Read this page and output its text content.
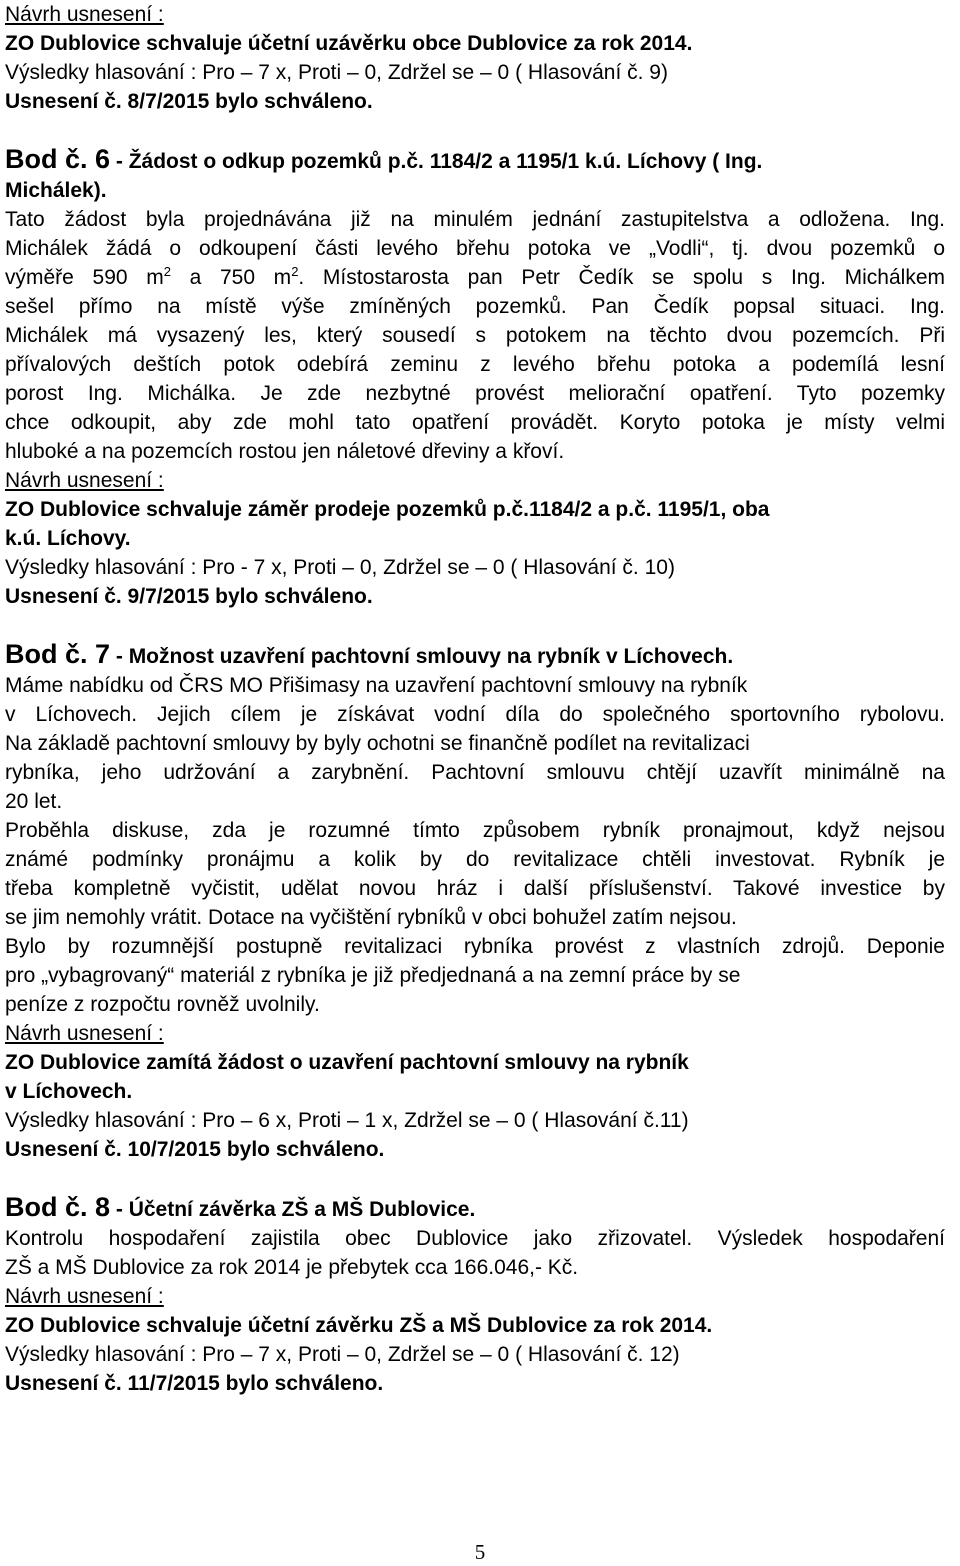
Návrh usnesení :
ZO Dublovice schvaluje účetní uzávěrku obce Dublovice za rok 2014.
Výsledky hlasování : Pro – 7 x, Proti – 0, Zdržel se – 0 ( Hlasování č. 9)
Usnesení č. 8/7/2015 bylo schváleno.
Bod č. 6 - Žádost o odkup pozemků p.č. 1184/2 a 1195/1 k.ú. Líchovy ( Ing.
Michálek).
Tato žádost byla projednávána již na minulém jednání zastupitelstva a odložena. Ing.
Michálek žádá o odkoupení části levého břehu potoka ve „Vodli“, tj. dvou pozemků o
výměře 590 $m^2$ a 750 $m^2$. Místostarosta pan Petr Čedík se spolu s Ing. Michálkem
sešel přímo na místě výše zmíněných pozemků. Pan Čedík popsal situaci. Ing.
Michálek má vysazený les, který sousedí s potokem na těchto dvou pozemcích. Při
přívalových deštích potok odebírá zeminu z levého břehu potoka a podemílá lesní
porost Ing. Michálka. Je zde nezbytné provést meliorační opatření. Tyto pozemky
chce odkoupit, aby zde mohl tato opatření provádět. Koryto potoka je místy velmi
hluboké a na pozemcích rostou jen náletové dřeviny a křoví.
Návrh usnesení :
ZO Dublovice schvaluje záměr prodeje pozemků p.č.1184/2 a p.č. 1195/1, oba
k.ú. Líchovy.
Výsledky hlasování : Pro - 7 x, Proti – 0, Zdržel se – 0 ( Hlasování č. 10)
Usnesení č. 9/7/2015 bylo schváleno.
Bod č. 7 - Možnost uzavření pachtovní smlouvy na rybník v Líchovech.
Máme nabídku od ČRS MO Přišimasy na uzavření pachtovní smlouvy na rybník
v Líchovech. Jejich cílem je získávat vodní díla do společného sportovního rybolovu.
Na základě pachtovní smlouvy by byly ochotni se finančně podílet na revitalizaci
rybníka, jeho udržování a zarybnění. Pachtovní smlouvu chtějí uzavřít minimálně na
20 let.
Proběhla diskuse, zda je rozumné tímto způsobem rybník pronajmout, když nejsou
známé podmínky pronájmu a kolik by do revitalizace chtěli investovat. Rybník je
třeba kompletně vyčistit, udělat novou hráz i další příslušenství. Takové investice by
se jim nemohly vrátit. Dotace na vyčištění rybníků v obci bohužel zatím nejsou.
Bylo by rozumnější postupně revitalizaci rybníka provést z vlastních zdrojů. Deponie
pro „vybagrovaný“ materiál z rybníka je již předjednaná a na zemní práce by se
peníze z rozpočtu rovněž uvolnily.
Návrh usnesení :
ZO Dublovice zamítá žádost o uzavření pachtovní smlouvy na rybník
v Líchovech.
Výsledky hlasování : Pro – 6 x, Proti – 1 x, Zdržel se – 0 ( Hlasování č.11)
Usnesení č. 10/7/2015 bylo schváleno.
Bod č. 8 - Účetní závěrka ZŠ a MŠ Dublovice.
Kontrolu hospodaření zajistila obec Dublovice jako zřizovatel. Výsledek hospodaření
ZŠ a MŠ Dublovice za rok 2014 je přebytek cca 166.046,- Kč.
Návrh usnesení :
ZO Dublovice schvaluje účetní závěrku ZŠ a MŠ Dublovice za rok 2014.
Výsledky hlasování : Pro – 7 x, Proti – 0, Zdržel se – 0 ( Hlasování č. 12)
Usnesení č. 11/7/2015 bylo schváleno.
5
